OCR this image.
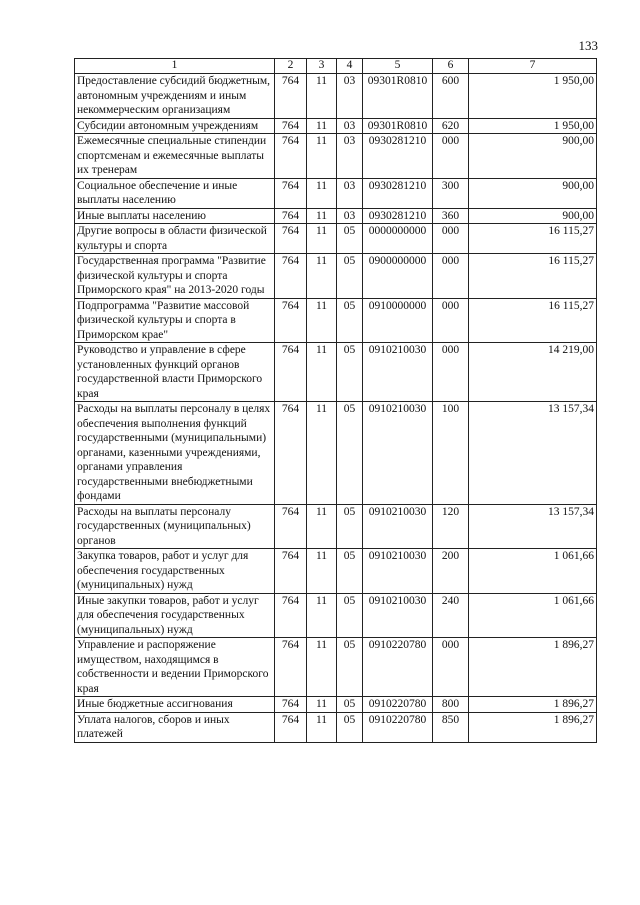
133
1	2	3	4	5	6	7
Предоставление субсидий бюджетным, автономным учреждениям и иным некоммерческим организациям	764	11	03	09301R0810	600	1 950,00
Субсидии автономным учреждениям	764	11	03	09301R0810	620	1 950,00
Ежемесячные специальные стипендии спортсменам и ежемесячные выплаты их тренерам	764	11	03	0930281210	000	900,00
Социальное обеспечение и иные выплаты населению	764	11	03	0930281210	300	900,00
Иные выплаты населению	764	11	03	0930281210	360	900,00
Другие вопросы в области физической культуры и спорта	764	11	05	0000000000	000	16 115,27
Государственная программа "Развитие физической культуры и спорта Приморского края" на 2013-2020 годы	764	11	05	0900000000	000	16 115,27
Подпрограмма "Развитие массовой физической культуры и спорта в Приморском крае"	764	11	05	0910000000	000	16 115,27
Руководство и управление в сфере установленных функций органов государственной власти Приморского края	764	11	05	0910210030	000	14 219,00
Расходы на выплаты персоналу в целях обеспечения выполнения функций государственными (муниципальными) органами, казенными учреждениями, органами управления государственными внебюджетными фондами	764	11	05	0910210030	100	13 157,34
Расходы на выплаты персоналу государственных (муниципальных) органов	764	11	05	0910210030	120	13 157,34
Закупка товаров, работ и услуг для обеспечения государственных (муниципальных) нужд	764	11	05	0910210030	200	1 061,66
Иные закупки товаров, работ и услуг для обеспечения государственных (муниципальных) нужд	764	11	05	0910210030	240	1 061,66
Управление и распоряжение имуществом, находящимся в собственности и ведении Приморского края	764	11	05	0910220780	000	1 896,27
Иные бюджетные ассигнования	764	11	05	0910220780	800	1 896,27
Уплата налогов, сборов и иных платежей	764	11	05	0910220780	850	1 896,27
